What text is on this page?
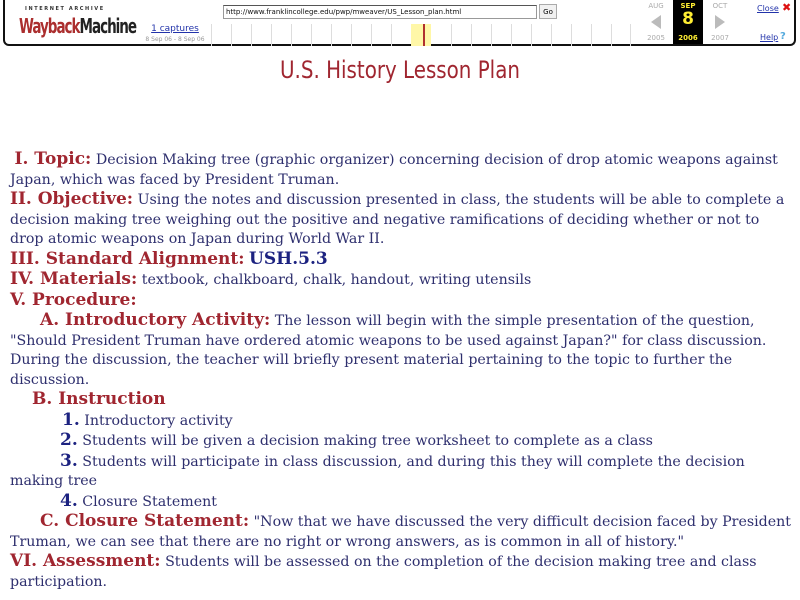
INTERNET ARCHIVE
WaybackMachine	1 captures
8 Sep 06 - 8 Sep 06
http://www.franklincollege.edu/pwp/mweaver/US_Lesson_plan.html	Go
AUG
2005
SEP
8
2006
OCT
2007
Close ✖
Help ?
U.S. History Lesson Plan

I. Topic: Decision Making tree (graphic organizer) concerning decision of drop atomic weapons against Japan, which was faced by President Truman.

II. Objective: Using the notes and discussion presented in class, the students will be able to complete a decision making tree weighing out the positive and negative ramifications of deciding whether or not to drop atomic weapons on Japan during World War II.

III. Standard Alignment: USH.5.3

IV. Materials: textbook, chalkboard, chalk, handout, writing utensils

V. Procedure:

A. Introductory Activity: The lesson will begin with the simple presentation of the question, "Should President Truman have ordered atomic weapons to be used against Japan?" for class discussion. During the discussion, the teacher will briefly present material pertaining to the topic to further the discussion.

B. Instruction

1. Introductory activity

2. Students will be given a decision making tree worksheet to complete as a class

3. Students will participate in class discussion, and during this they will complete the decision making tree

4. Closure Statement

C. Closure Statement: "Now that we have discussed the very difficult decision faced by President Truman, we can see that there are no right or wrong answers, as is common in all of history."

VI. Assessment: Students will be assessed on the completion of the decision making tree and class participation.
